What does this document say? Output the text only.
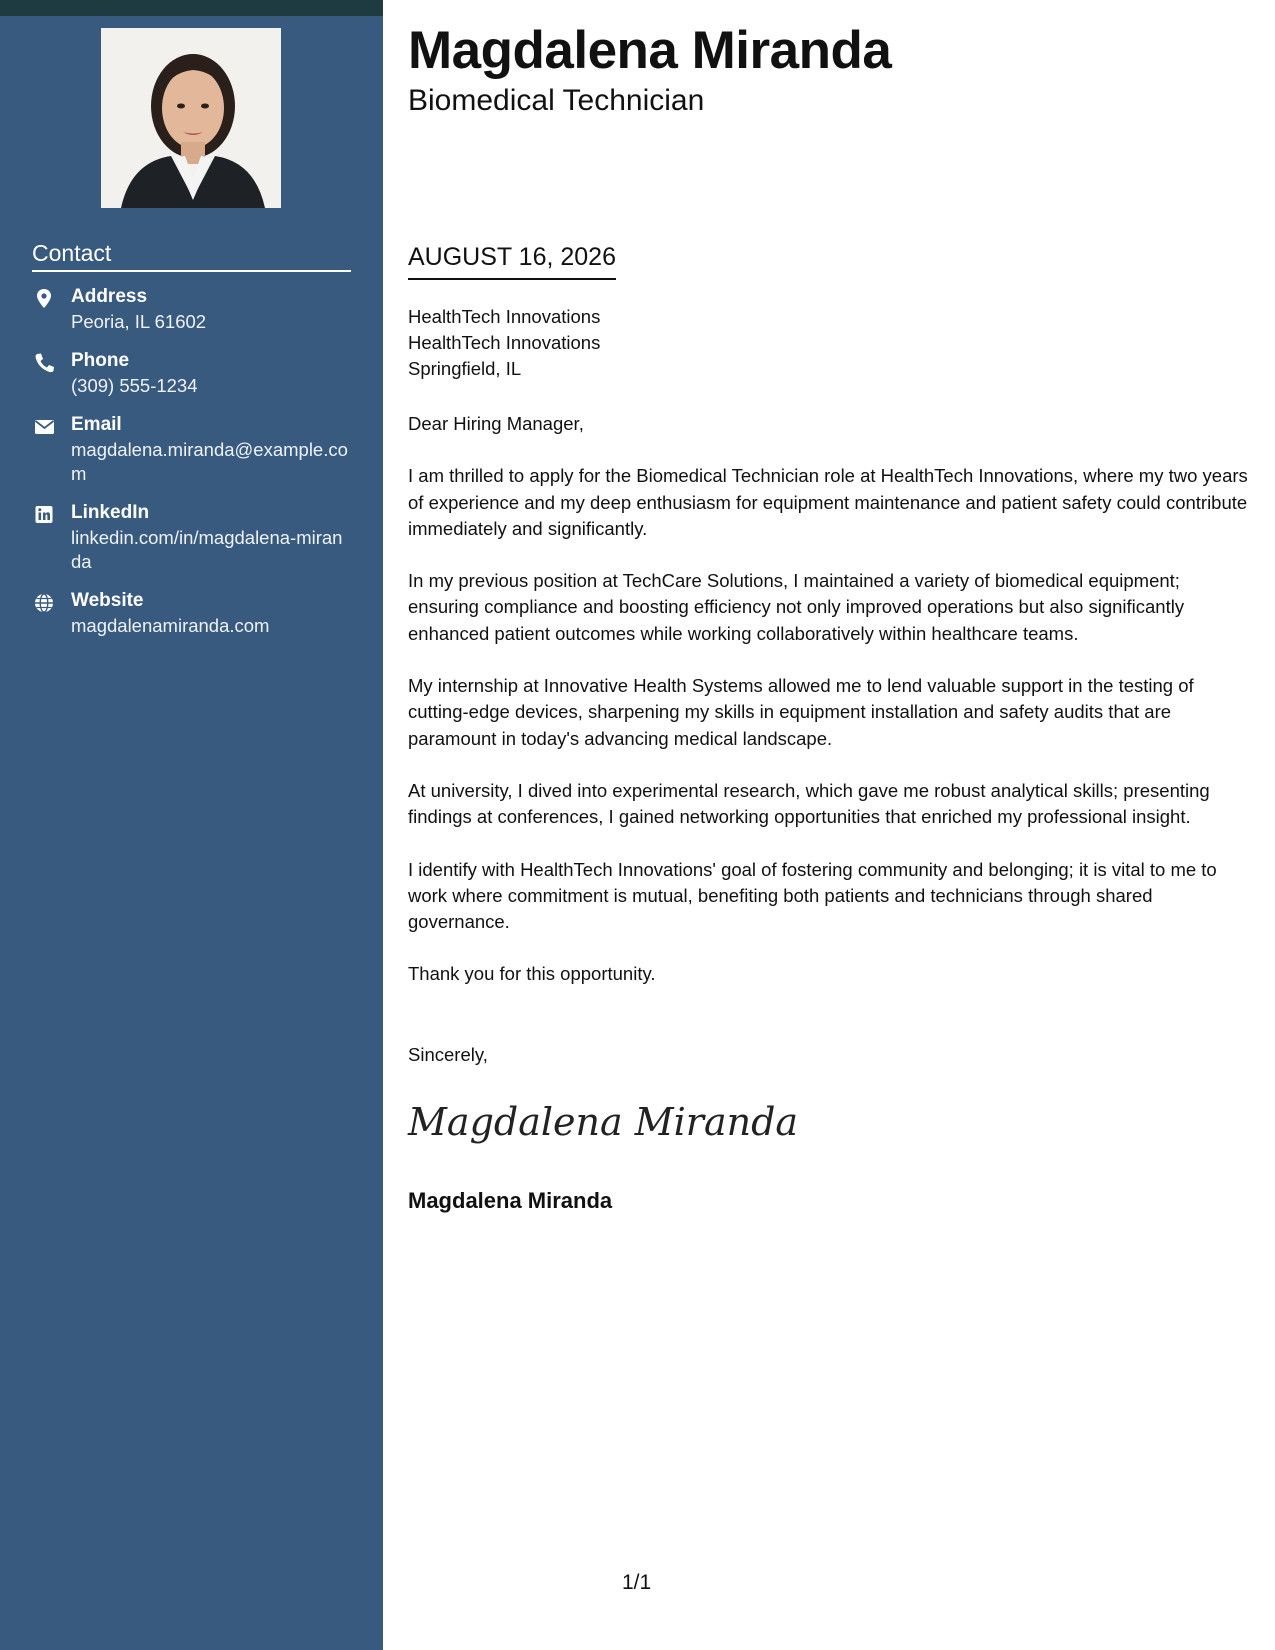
Contact
Address
Peoria, IL 61602
Phone
(309) 555-1234
Email
magdalena.miranda@example.com
LinkedIn
linkedin.com/in/magdalena-miranda
Website
magdalenamiranda.com
Magdalena Miranda
Biomedical Technician
AUGUST 16, 2026
HealthTech Innovations
HealthTech Innovations
Springfield, IL

Dear Hiring Manager,

I am thrilled to apply for the Biomedical Technician role at HealthTech Innovations, where my two years of experience and my deep enthusiasm for equipment maintenance and patient safety could contribute immediately and significantly.

In my previous position at TechCare Solutions, I maintained a variety of biomedical equipment; ensuring compliance and boosting efficiency not only improved operations but also significantly enhanced patient outcomes while working collaboratively within healthcare teams.

My internship at Innovative Health Systems allowed me to lend valuable support in the testing of cutting-edge devices, sharpening my skills in equipment installation and safety audits that are paramount in today's advancing medical landscape.

At university, I dived into experimental research, which gave me robust analytical skills; presenting findings at conferences, I gained networking opportunities that enriched my professional insight.

I identify with HealthTech Innovations' goal of fostering community and belonging; it is vital to me to work where commitment is mutual, benefiting both patients and technicians through shared governance.

Thank you for this opportunity.

Sincerely,
Magdalena Miranda
Magdalena Miranda
1/1
